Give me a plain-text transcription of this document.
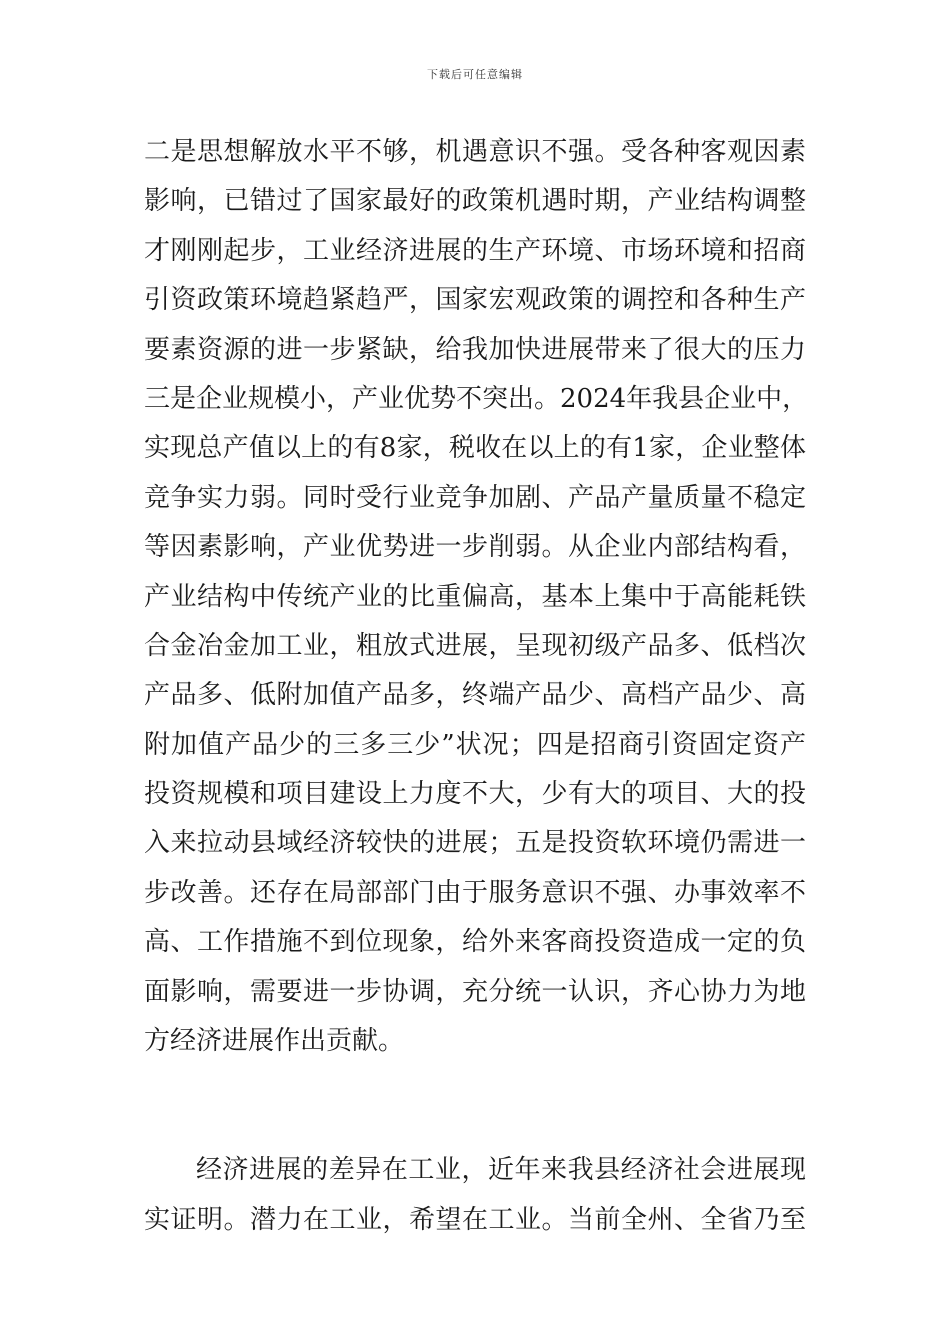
下载后可任意编辑
二是思想解放水平不够，机遇意识不强。受各种客观因素
影响，已错过了国家最好的政策机遇时期，产业结构调整
才刚刚起步，工业经济进展的生产环境、市场环境和招商
引资政策环境趋紧趋严，国家宏观政策的调控和各种生产
要素资源的进一步紧缺，给我加快进展带来了很大的压力
三是企业规模小，产业优势不突出。2024年我县企业中，
实现总产值以上的有8家，税收在以上的有1家，企业整体
竞争实力弱。同时受行业竞争加剧、产品产量质量不稳定
等因素影响，产业优势进一步削弱。从企业内部结构看，
产业结构中传统产业的比重偏高，基本上集中于高能耗铁
合金冶金加工业，粗放式进展，呈现初级产品多、低档次
产品多、低附加值产品多，终端产品少、高档产品少、高
附加值产品少的三多三少”状况；四是招商引资固定资产
投资规模和项目建设上力度不大，少有大的项目、大的投
入来拉动县域经济较快的进展；五是投资软环境仍需进一
步改善。还存在局部部门由于服务意识不强、办事效率不
高、工作措施不到位现象，给外来客商投资造成一定的负
面影响，需要进一步协调，充分统一认识，齐心协力为地
方经济进展作出贡献。
经济进展的差异在工业，近年来我县经济社会进展现
实证明。潜力在工业，希望在工业。当前全州、全省乃至
